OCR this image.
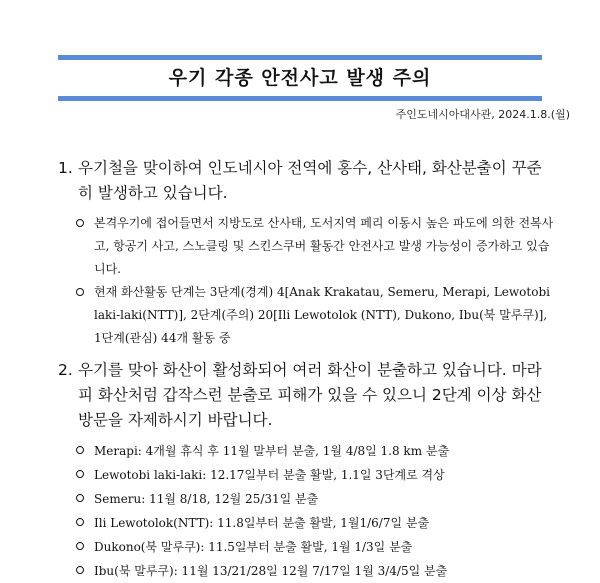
우기 각종 안전사고 발생 주의
주인도네시아대사관, 2024.1.8.(월)
1. 우기철을 맞이하여 인도네시아 전역에 홍수, 산사태, 화산분출이 꾸준히 발생하고 있습니다.
본격우기에 접어들면서 지방도로 산사태, 도서지역 페리 이동시 높은 파도에 의한 전복사고, 항공기 사고, 스노클링 및 스킨스쿠버 활동간 안전사고 발생 가능성이 증가하고 있습니다.
현재 화산활동 단계는 3단계(경계) 4[Anak Krakatau, Semeru, Merapi, Lewotobi laki-laki(NTT)], 2단계(주의) 20[Ili Lewotolok (NTT), Dukono, Ibu(북 말루쿠)], 1단계(관심) 44개 활동 중
2. 우기를 맞아 화산이 활성화되어 여러 화산이 분출하고 있습니다. 마라피 화산처럼 갑작스런 분출로 피해가 있을 수 있으니 2단계 이상 화산 방문을 자제하시기 바랍니다.
Merapi: 4개월 휴식 후 11월 말부터 분출, 1월 4/8일 1.8 km 분출
Lewotobi laki-laki: 12.17일부터 분출 활발, 1.1일 3단계로 격상
Semeru: 11월 8/18, 12월 25/31일 분출
Ili Lewotolok(NTT): 11.8일부터 분출 활발, 1월1/6/7일 분출
Dukono(북 말루쿠): 11.5일부터 분출 활발, 1월 1/3일 분출
Ibu(북 말루쿠): 11월 13/21/28일 12월 7/17일 1월 3/4/5일 분출
